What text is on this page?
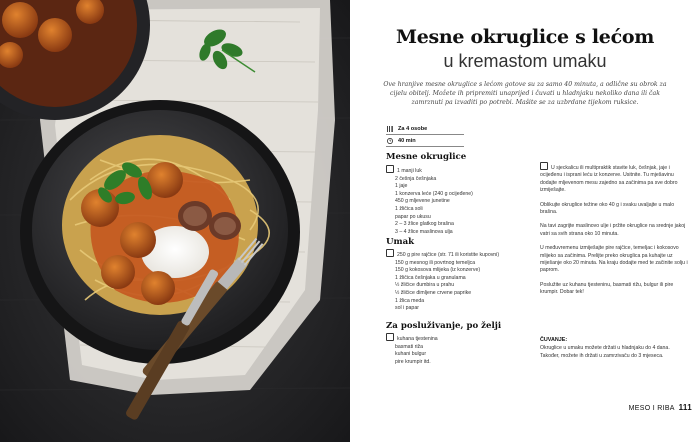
Mesne okruglice s lećom
u kremastom umaku
Ove hranjive mesne okruglice s lećom gotove su za samo 40 minuta, a odlične su obrok za cijelu obitelj. Možete ih pripremiti unaprijed i čuvati u hladnjaku nekoliko dana ili čak zamrznuti pa izvaditi po potrebi. Mašite se za uzbrdane tijekom ruksice.
Za 4 osobe
40 min
Mesne okruglice
1 manji luk
2 češnja češnjaka
1 jaje
1 konzerva leće (240 g ocijeđene)
450 g mljevene junetine
1 žličica soli
papar po ukusu
2 – 3 žlice glatkog brašna
3 – 4 žlice maslinova ulja
Umak
250 g pire rajčice (str. 71 ili koristite kupovni)
150 g mesnog ili povrtnog temeljca
150 g kokosova mlijeka (iz konzerve)
1 žličica češnjaka u granulama
½ žličice đumbira u prahu
½ žličice dimljene crvene paprike
1 žlica meda
sol i papar
Za posluživanje, po želji
kuhana tjestenina
basmati riža
kuhani bulgur
pire krumpir itd.

U sjeckalicu ili multipraktik stavite luk, češnjak, jaje i ocijeđenu i isprani leću iz konzerve. Usitnite. Tu mješavinu dodajte mljevenom mesu zajedno sa začinima pa sve dobro izmiješajte.

Oblikujte okruglice težine oko 40 g i svaku uvaljajte u malo brašna.

Na tavi zagrijte maslinovo ulje i pržite okruglice na srednje jakoj vatri sa svih strana oko 10 minuta.

U međuvremenu izmiješajte pire rajčice, temeljac i kokosovo mlijeko sa začinima. Prelijte preko okruglica pa kuhajte uz miješanje oko 20 minuta. Na kraju dodajte med te začinite solju i paprom.

Poslužite uz kuhanu tjesteninu, basmati rižu, bulgur ili pire krumpir. Dobar tek!

ČUVANJE:
Okruglice u umaku možete držati u hladnjaku do 4 dana. Također, možete ih držati u zamrzivaču do 3 mjeseca.
MESO I RIBA 111
